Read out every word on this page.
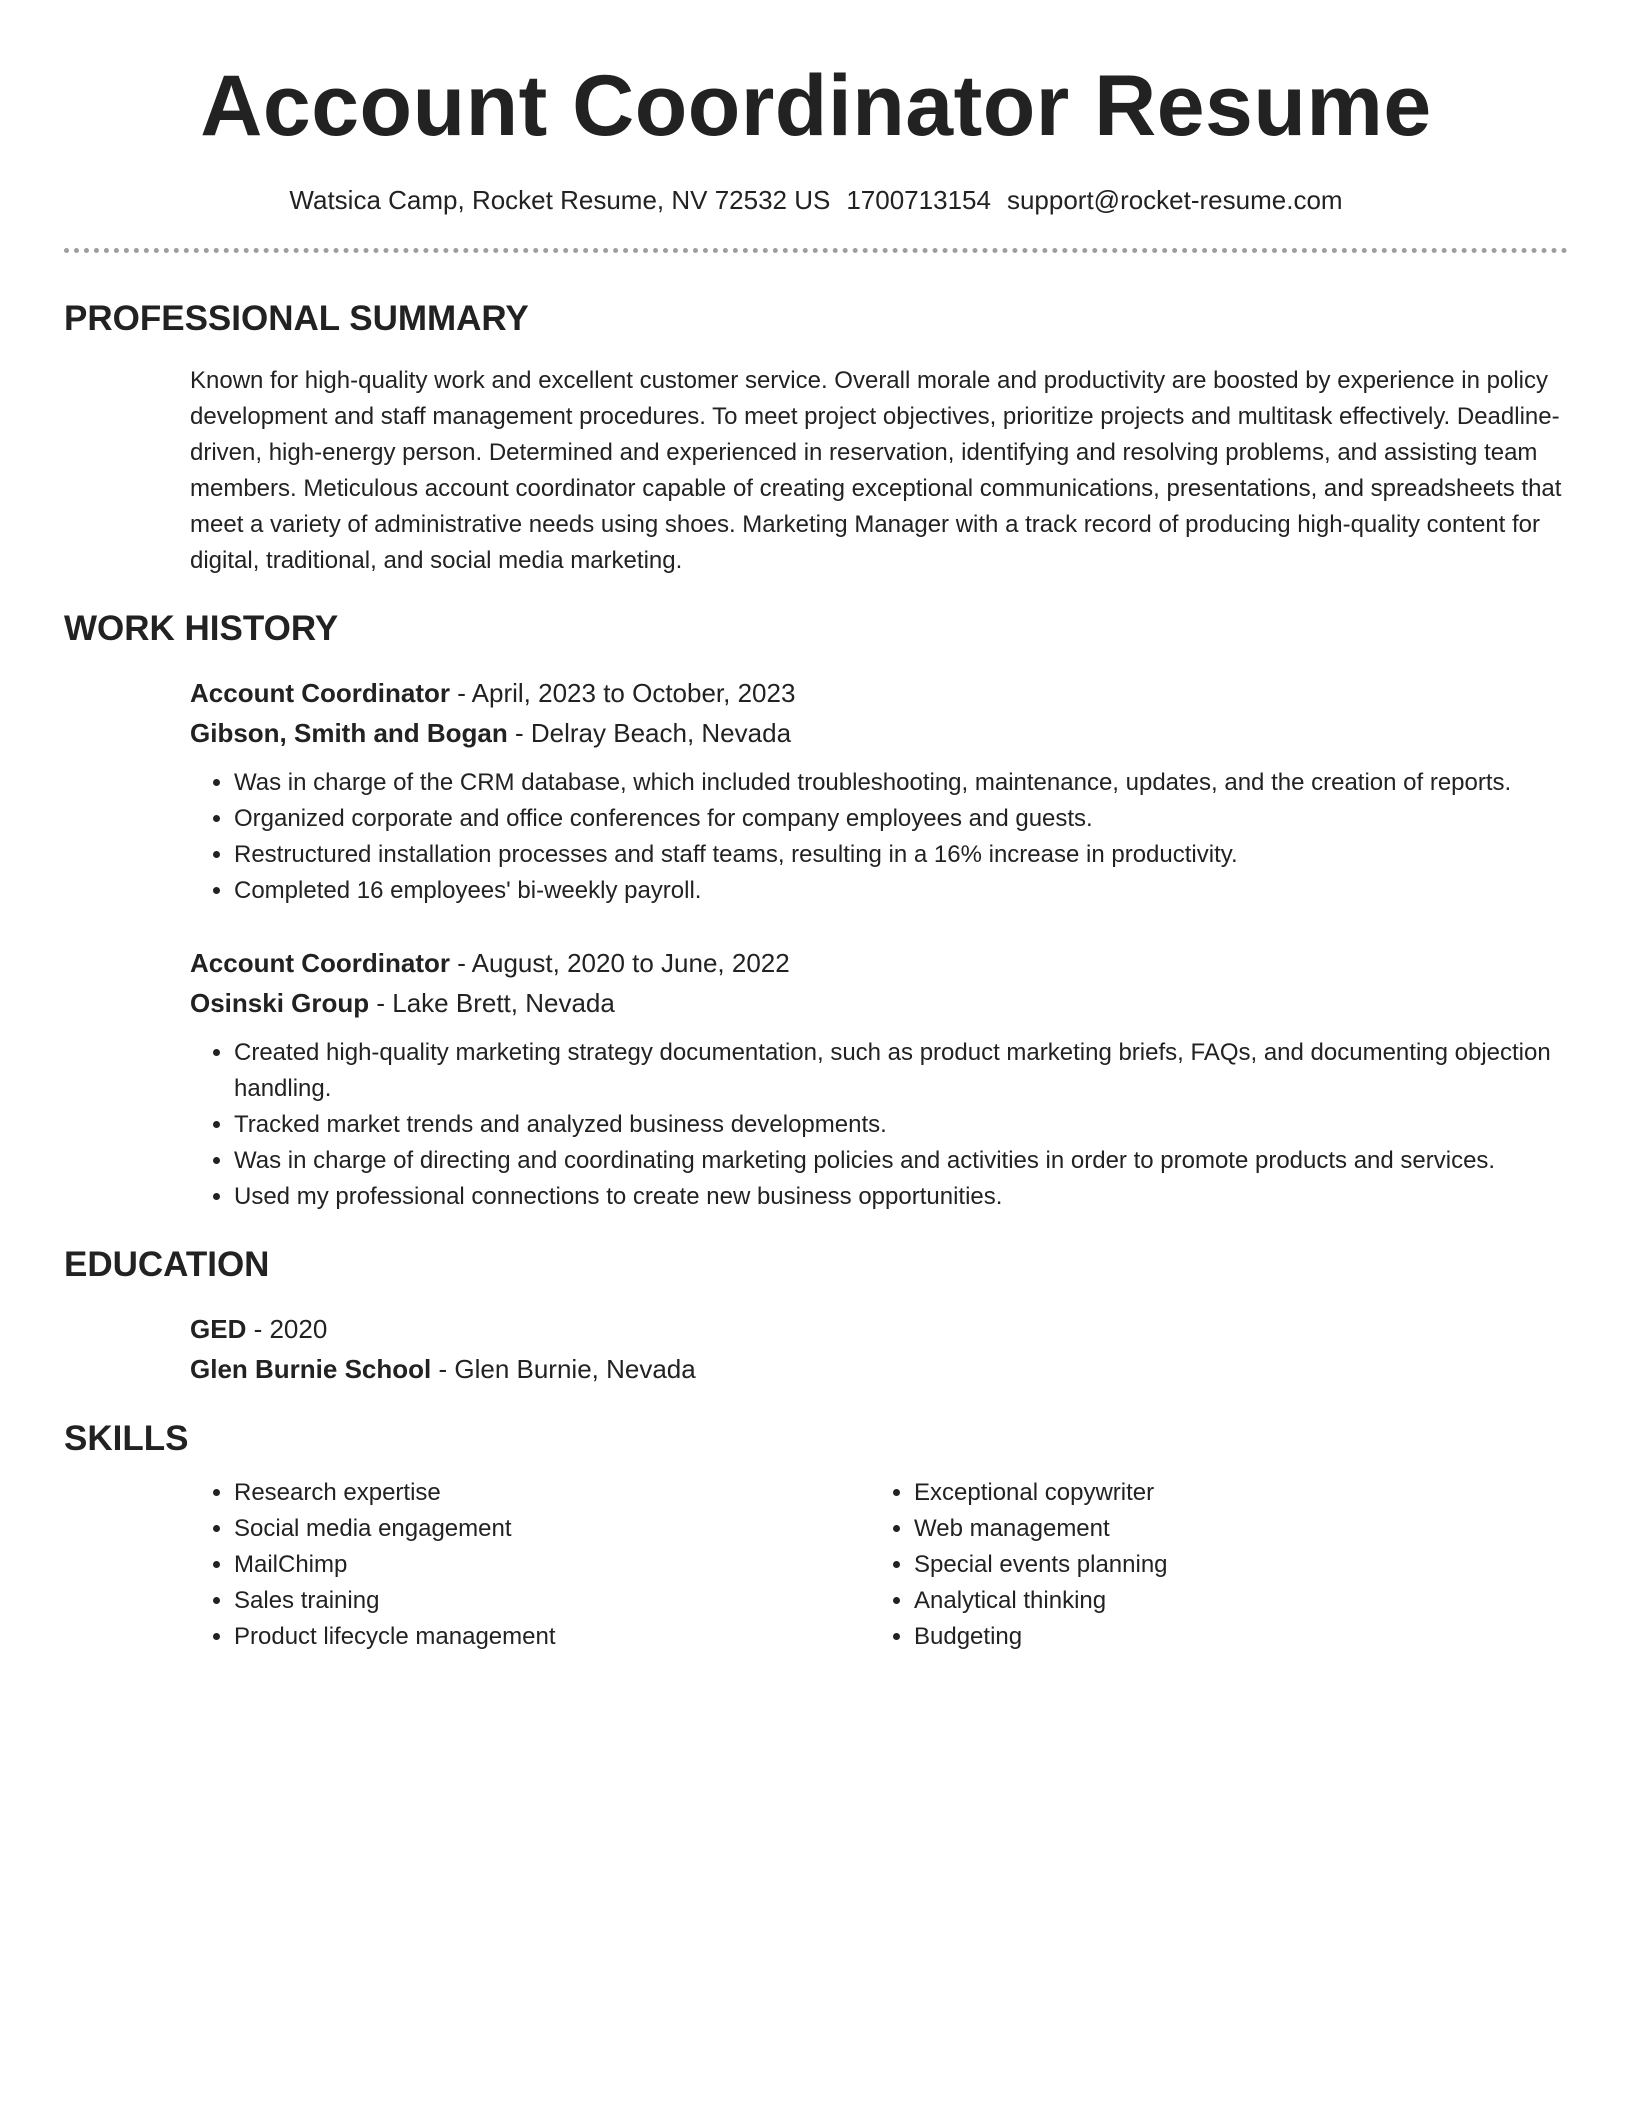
Account Coordinator Resume
Watsica Camp, Rocket Resume, NV 72532 US 1700713154 support@rocket-resume.com
PROFESSIONAL SUMMARY
Known for high-quality work and excellent customer service. Overall morale and productivity are boosted by experience in policy development and staff management procedures. To meet project objectives, prioritize projects and multitask effectively. Deadline-driven, high-energy person. Determined and experienced in reservation, identifying and resolving problems, and assisting team members. Meticulous account coordinator capable of creating exceptional communications, presentations, and spreadsheets that meet a variety of administrative needs using shoes. Marketing Manager with a track record of producing high-quality content for digital, traditional, and social media marketing.
WORK HISTORY
Account Coordinator - April, 2023 to October, 2023
Gibson, Smith and Bogan - Delray Beach, Nevada
• Was in charge of the CRM database, which included troubleshooting, maintenance, updates, and the creation of reports.
• Organized corporate and office conferences for company employees and guests.
• Restructured installation processes and staff teams, resulting in a 16% increase in productivity.
• Completed 16 employees' bi-weekly payroll.
Account Coordinator - August, 2020 to June, 2022
Osinski Group - Lake Brett, Nevada
• Created high-quality marketing strategy documentation, such as product marketing briefs, FAQs, and documenting objection handling.
• Tracked market trends and analyzed business developments.
• Was in charge of directing and coordinating marketing policies and activities in order to promote products and services.
• Used my professional connections to create new business opportunities.
EDUCATION
GED - 2020
Glen Burnie School - Glen Burnie, Nevada
SKILLS
• Research expertise
• Social media engagement
• MailChimp
• Sales training
• Product lifecycle management
• Exceptional copywriter
• Web management
• Special events planning
• Analytical thinking
• Budgeting
